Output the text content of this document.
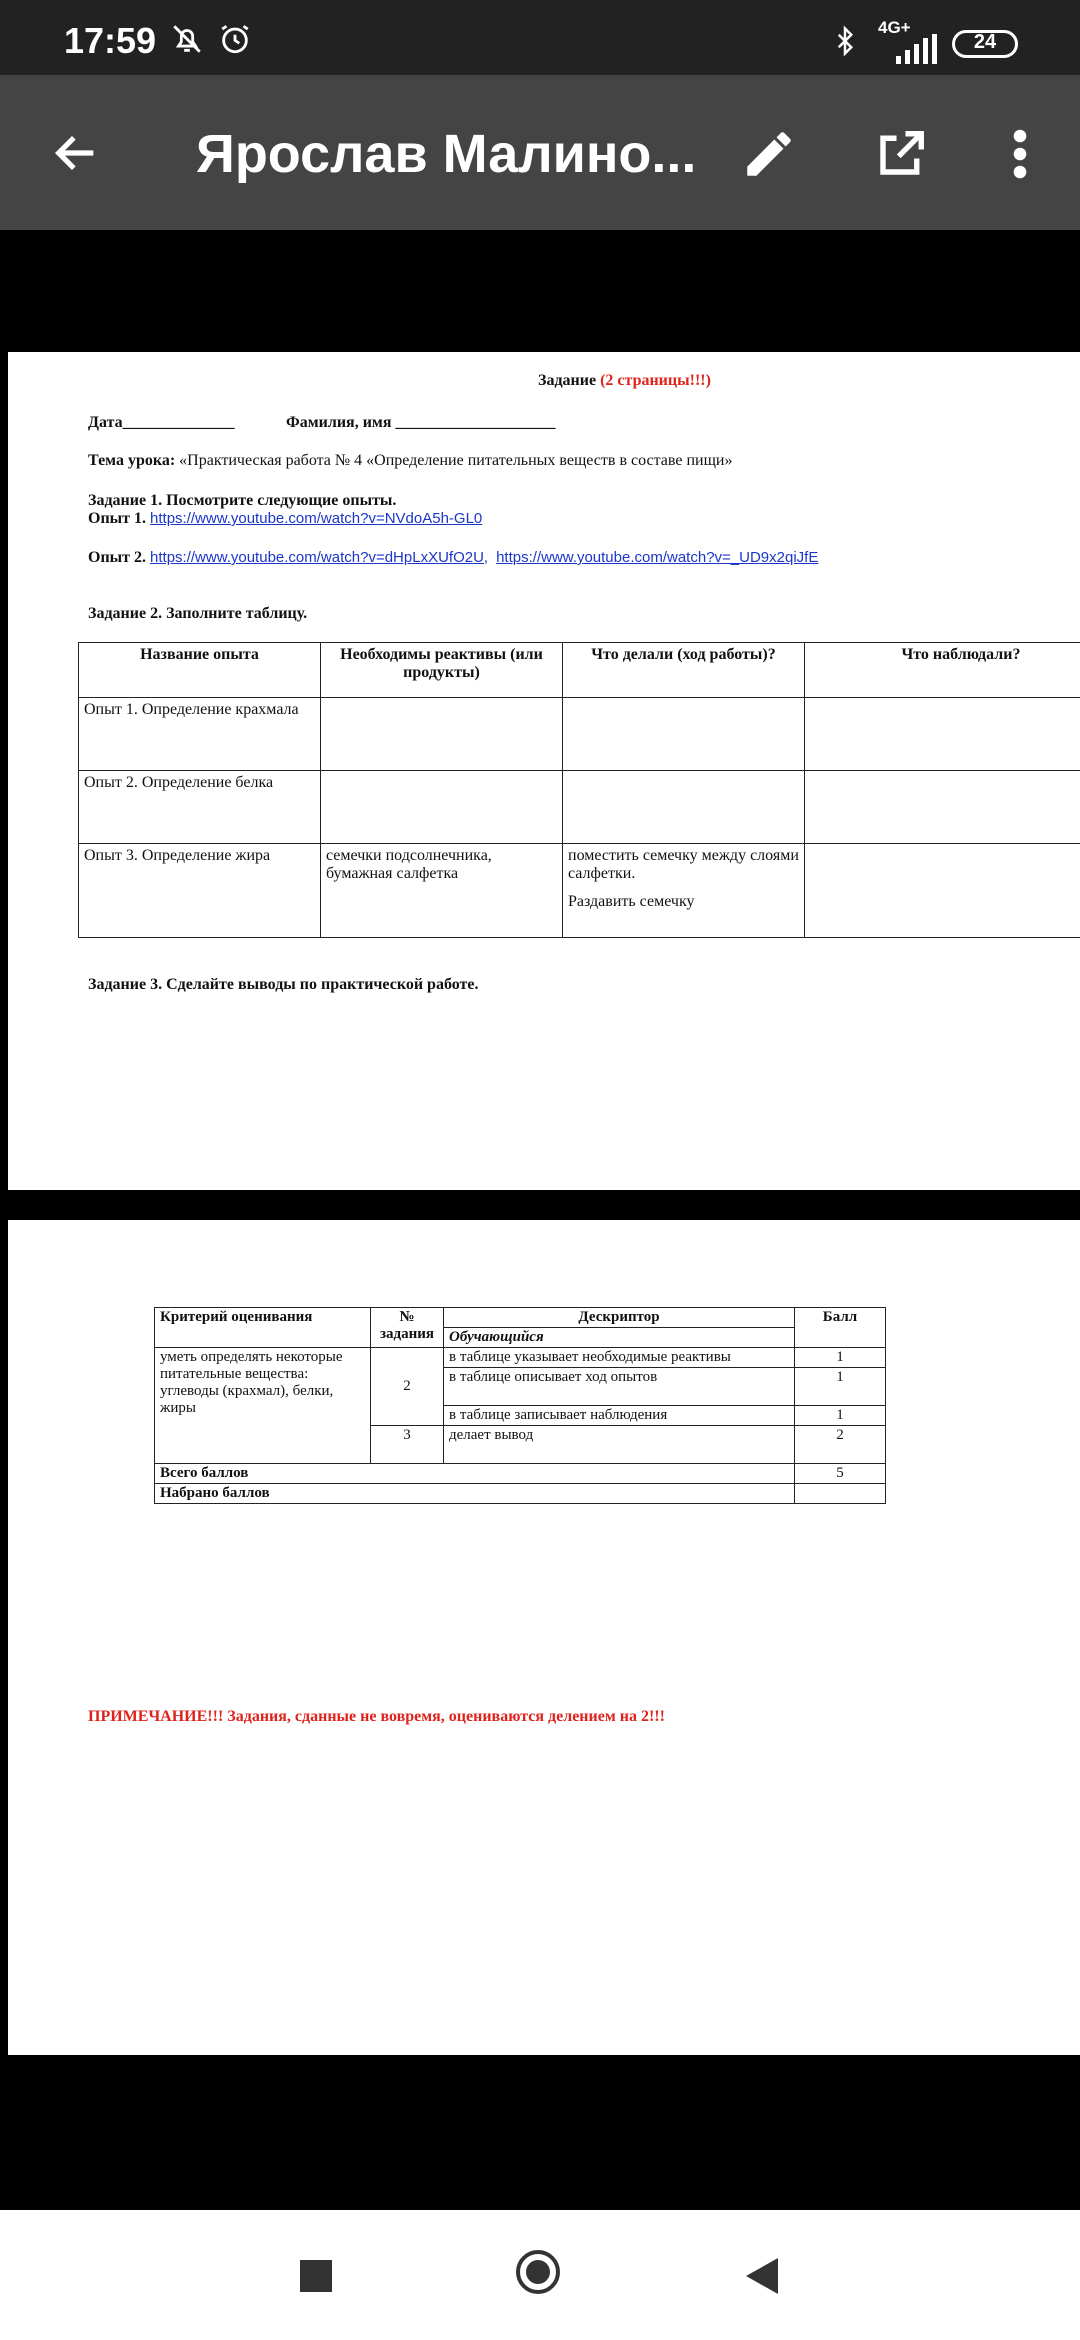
17:59	4G+
24
Ярослав Малино...
Задание (2 страницы!!!)
Дата______________	Фамилия, имя ____________________
Тема урока: «Практическая работа № 4 «Определение питательных веществ в составе пищи»
Задание 1. Посмотрите следующие опыты.
Опыт 1. https://www.youtube.com/watch?v=NVdoA5h-GL0
Опыт 2. https://www.youtube.com/watch?v=dHpLxXUfO2U, https://www.youtube.com/watch?v=_UD9x2qiJfE
Задание 2. Заполните таблицу.
Название опыта	Необходимы реактивы (или продукты)	Что делали (ход работы)?	Что наблюдали?
Опыт 1. Определение крахмала			
Опыт 2. Определение белка			
Опыт 3. Определение жира	семечки подсолнечника, бумажная салфетка	поместить семечку между слоями салфетки.
Раздавить семечку	

Задание 3. Сделайте выводы по практической работе.
Критерий оценивания	№ задания	Дескриптор	Балл
		Обучающийся	
уметь определять некоторые питательные вещества: углеводы (крахмал), белки, жиры	2	в таблице указывает необходимые реактивы	1
		в таблице описывает ход опытов	1
		в таблице записывает наблюдения	1
	3	делает вывод	2
Всего баллов			5
Набрано баллов			
ПРИМЕЧАНИЕ!!! Задания, сданные не вовремя, оцениваются делением на 2!!!
